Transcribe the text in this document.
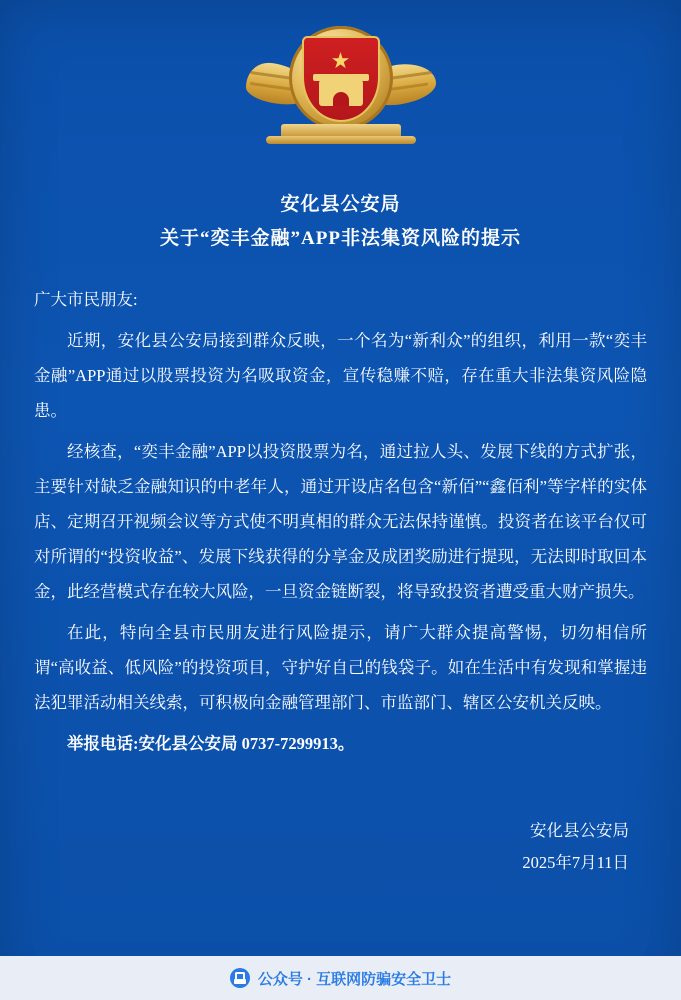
★
安化县公安局
关于“奕丰金融”APP非法集资风险的提示

广大市民朋友:

近期，安化县公安局接到群众反映，一个名为“新利众”的组织，利用一款“奕丰金融”APP通过以股票投资为名吸取资金，宣传稳赚不赔，存在重大非法集资风险隐患。

经核查，“奕丰金融”APP以投资股票为名，通过拉人头、发展下线的方式扩张，主要针对缺乏金融知识的中老年人，通过开设店名包含“新佰”“鑫佰利”等字样的实体店、定期召开视频会议等方式使不明真相的群众无法保持谨慎。投资者在该平台仅可对所谓的“投资收益”、发展下线获得的分享金及成团奖励进行提现，无法即时取回本金，此经营模式存在较大风险，一旦资金链断裂，将导致投资者遭受重大财产损失。

在此，特向全县市民朋友进行风险提示，请广大群众提高警惕，切勿相信所谓“高收益、低风险”的投资项目，守护好自己的钱袋子。如在生活中有发现和掌握违法犯罪活动相关线索，可积极向金融管理部门、市监部门、辖区公安机关反映。

举报电话:安化县公安局 0737-7299913。

安化县公安局
2025年7月11日
公众号 · 互联网防骗安全卫士
